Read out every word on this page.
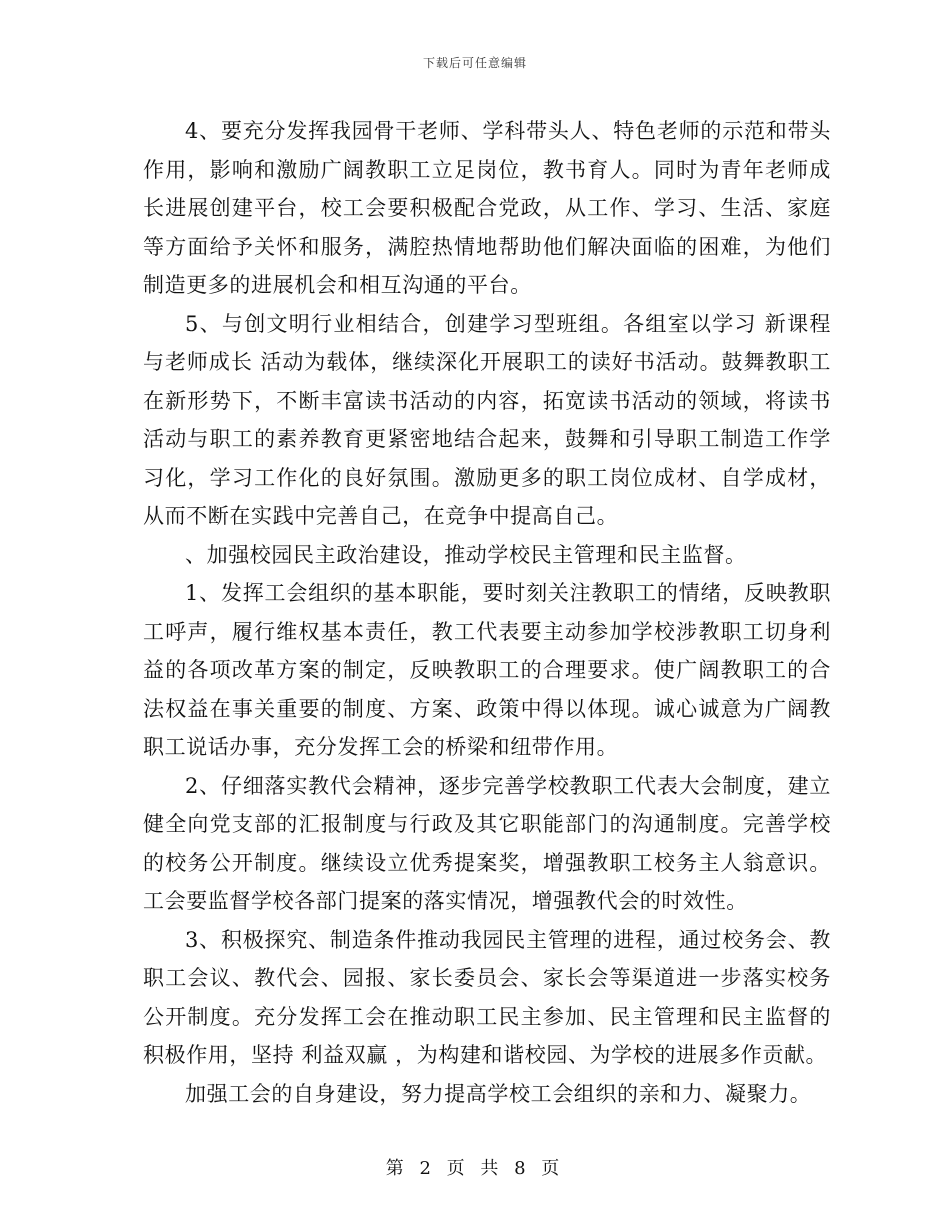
下载后可任意编辑

4、要充分发挥我园骨干老师、学科带头人、特色老师的示范和带头作用，影响和激励广阔教职工立足岗位，教书育人。同时为青年老师成长进展创建平台，校工会要积极配合党政，从工作、学习、生活、家庭等方面给予关怀和服务，满腔热情地帮助他们解决面临的困难，为他们制造更多的进展机会和相互沟通的平台。

5、与创文明行业相结合，创建学习型班组。各组室以学习 新课程与老师成长 活动为载体，继续深化开展职工的读好书活动。鼓舞教职工在新形势下，不断丰富读书活动的内容，拓宽读书活动的领域，将读书活动与职工的素养教育更紧密地结合起来，鼓舞和引导职工制造工作学习化，学习工作化的良好氛围。激励更多的职工岗位成材、自学成材，从而不断在实践中完善自己，在竞争中提高自己。

、加强校园民主政治建设，推动学校民主管理和民主监督。

1、发挥工会组织的基本职能，要时刻关注教职工的情绪，反映教职工呼声，履行维权基本责任，教工代表要主动参加学校涉教职工切身利益的各项改革方案的制定，反映教职工的合理要求。使广阔教职工的合法权益在事关重要的制度、方案、政策中得以体现。诚心诚意为广阔教职工说话办事，充分发挥工会的桥梁和纽带作用。

2、仔细落实教代会精神，逐步完善学校教职工代表大会制度，建立健全向党支部的汇报制度与行政及其它职能部门的沟通制度。完善学校的校务公开制度。继续设立优秀提案奖，增强教职工校务主人翁意识。工会要监督学校各部门提案的落实情况，增强教代会的时效性。

3、积极探究、制造条件推动我园民主管理的进程，通过校务会、教职工会议、教代会、园报、家长委员会、家长会等渠道进一步落实校务公开制度。充分发挥工会在推动职工民主参加、民主管理和民主监督的积极作用，坚持 利益双赢 ，为构建和谐校园、为学校的进展多作贡献。

加强工会的自身建设，努力提高学校工会组织的亲和力、凝聚力。

第 2 页 共 8 页
